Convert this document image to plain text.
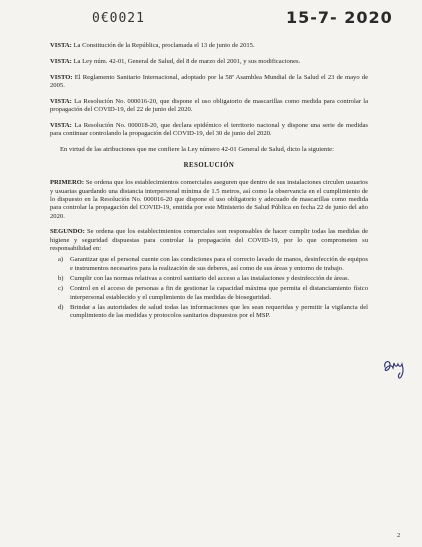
0€0021	15-7- 2020

VISTA: La Constitución de la República, proclamada el 13 de junio de 2015.

VISTA: La Ley núm. 42-01, General de Salud, del 8 de marzo del 2001, y sus modificaciones.

VISTO: El Reglamento Sanitario Internacional, adoptado por la 58ª Asamblea Mundial de la Salud el 23 de mayo de 2005.

VISTA: La Resolución No. 000016-20, que dispone el uso obligatorio de mascarillas como medida para controlar la propagación del COVID-19, del 22 de junio del 2020.

VISTA: La Resolución No. 000018-20, que declara epidémico el territorio nacional y dispone una serie de medidas para continuar controlando la propagación del COVID-19, del 30 de junio del 2020.

En virtud de las atribuciones que me confiere la Ley número 42-01 General de Salud, dicto la siguiente:

RESOLUCIÓN

PRIMERO: Se ordena que los establecimientos comerciales aseguren que dentro de sus instalaciones circulen usuarios y usuarias guardando una distancia interpersonal mínima de 1.5 metros, así como la observancia en el cumplimiento de lo dispuesto en la Resolución No. 000016-20 que dispone el uso obligatorio y adecuado de mascarillas como medida para controlar la propagación del COVID-19, emitida por este Ministerio de Salud Pública en fecha 22 de junio del año 2020.

SEGUNDO: Se ordena que los establecimientos comerciales son responsables de hacer cumplir todas las medidas de higiene y seguridad dispuestas para controlar la propagación del COVID-19, por lo que comprometen su responsabilidad en:

a)	Garantizar que el personal cuente con las condiciones para el correcto lavado de manos, desinfección de equipos e instrumentos necesarios para la realización de sus deberes, así como de sus áreas y entorno de trabajo.
b) Cumplir con las normas relativas a control sanitario del acceso a las instalaciones y desinfección de áreas.
c)	Control en el acceso de personas a fin de gestionar la capacidad máxima que permita el distanciamiento físico interpersonal establecido y el cumplimiento de las medidas de bioseguridad.
d) Brindar a las autoridades de salud todas las informaciones que les sean requeridas y permitir la vigilancia del cumplimiento de las medidas y protocolos sanitarios dispuestos por el MSP.
2
